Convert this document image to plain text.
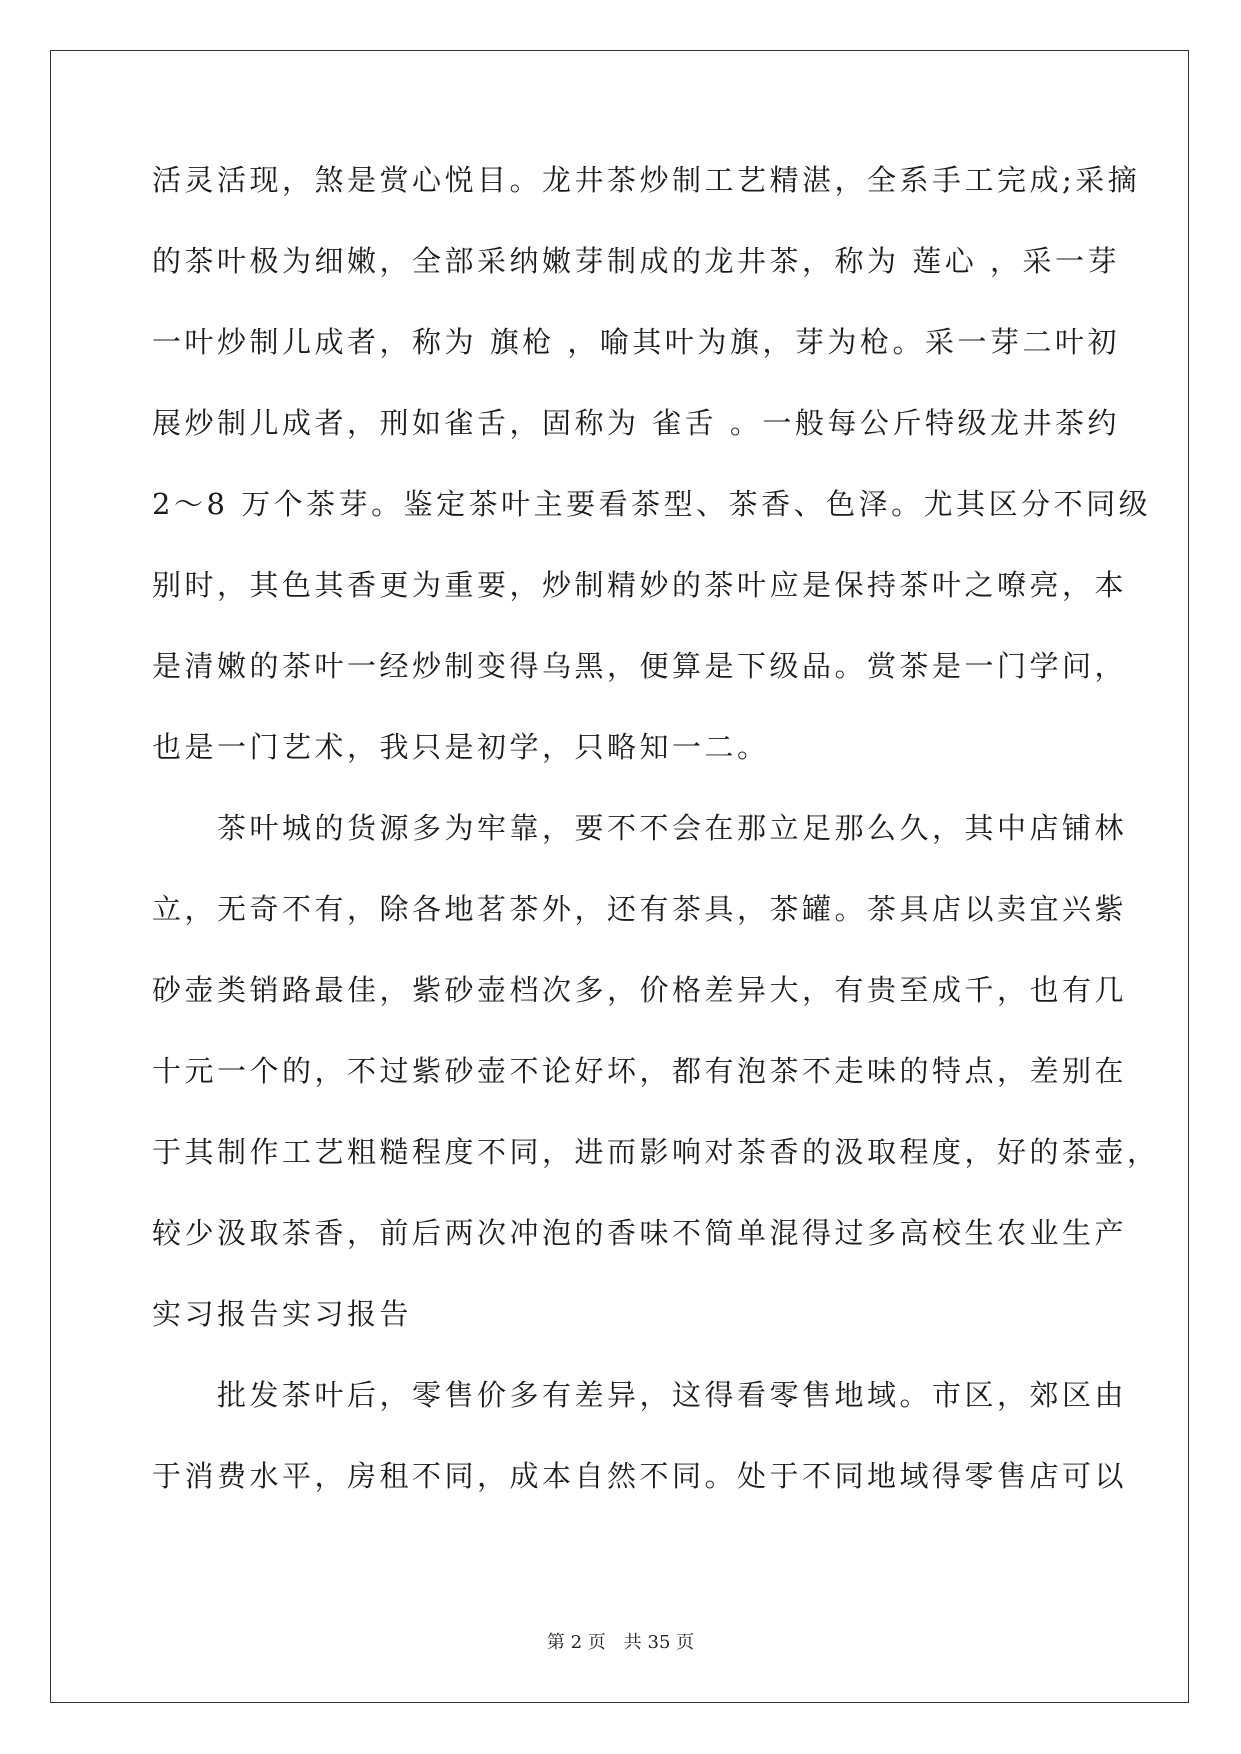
活灵活现，煞是赏心悦目。龙井茶炒制工艺精湛，全系手工完成;采摘
的茶叶极为细嫩，全部采纳嫩芽制成的龙井茶，称为 莲心 ，采一芽
一叶炒制儿成者，称为 旗枪 ，喻其叶为旗，芽为枪。采一芽二叶初
展炒制儿成者，刑如雀舌，固称为 雀舌 。一般每公斤特级龙井茶约
2～8 万个茶芽。鉴定茶叶主要看茶型、茶香、色泽。尤其区分不同级
别时，其色其香更为重要，炒制精妙的茶叶应是保持茶叶之嘹亮，本
是清嫩的茶叶一经炒制变得乌黑，便算是下级品。赏茶是一门学问，
也是一门艺术，我只是初学，只略知一二。
　　茶叶城的货源多为牢靠，要不不会在那立足那么久，其中店铺林
立，无奇不有，除各地茗茶外，还有茶具，茶罐。茶具店以卖宜兴紫
砂壶类销路最佳，紫砂壶档次多，价格差异大，有贵至成千，也有几
十元一个的，不过紫砂壶不论好坏，都有泡茶不走味的特点，差别在
于其制作工艺粗糙程度不同，进而影响对茶香的汲取程度，好的茶壶，
较少汲取茶香，前后两次冲泡的香味不简单混得过多高校生农业生产
实习报告实习报告
　　批发茶叶后，零售价多有差异，这得看零售地域。市区，郊区由
于消费水平，房租不同，成本自然不同。处于不同地域得零售店可以
第 2 页　共 35 页
